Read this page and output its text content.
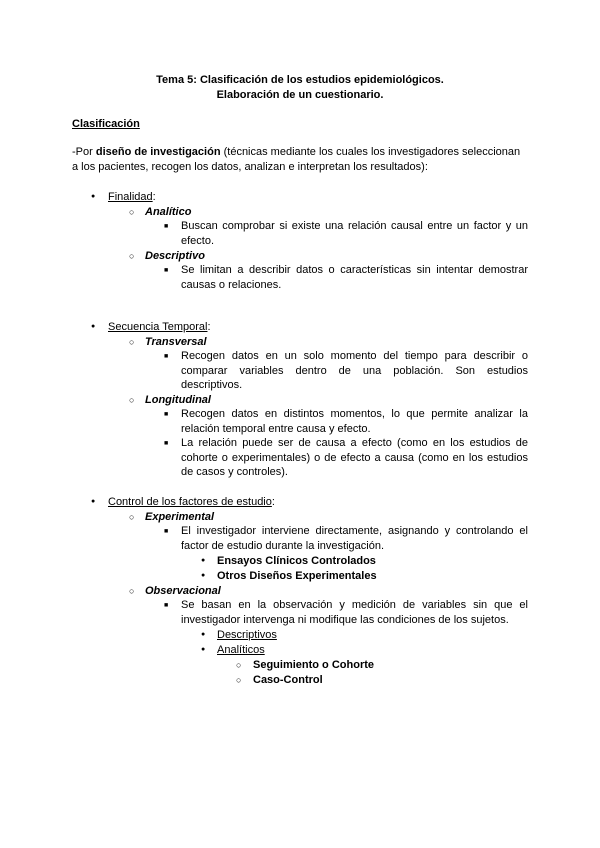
Tema 5: Clasificación de los estudios epidemiológicos.
Elaboración de un cuestionario.
Clasificación
-Por diseño de investigación (técnicas mediante los cuales los investigadores seleccionan a los pacientes, recogen los datos, analizan e interpretan los resultados):
●
Finalidad:
○
Analítico
■
Buscan comprobar si existe una relación causal entre un factor y un efecto.
○
Descriptivo
■
Se limitan a describir datos o características sin intentar demostrar causas o relaciones.
●
Secuencia Temporal:
○
Transversal
■
Recogen datos en un solo momento del tiempo para describir o comparar variables dentro de una población. Son estudios descriptivos.
○
Longitudinal
■
Recogen datos en distintos momentos, lo que permite analizar la relación temporal entre causa y efecto.
■
La relación puede ser de causa a efecto (como en los estudios de cohorte o experimentales) o de efecto a causa (como en los estudios de casos y controles).
●
Control de los factores de estudio:
○
Experimental
■
El investigador interviene directamente, asignando y controlando el factor de estudio durante la investigación.
●
Ensayos Clínicos Controlados
●
Otros Diseños Experimentales
○
Observacional
■
Se basan en la observación y medición de variables sin que el investigador intervenga ni modifique las condiciones de los sujetos.
●
Descriptivos
●
Analíticos
○
Seguimiento o Cohorte
○
Caso-Control
